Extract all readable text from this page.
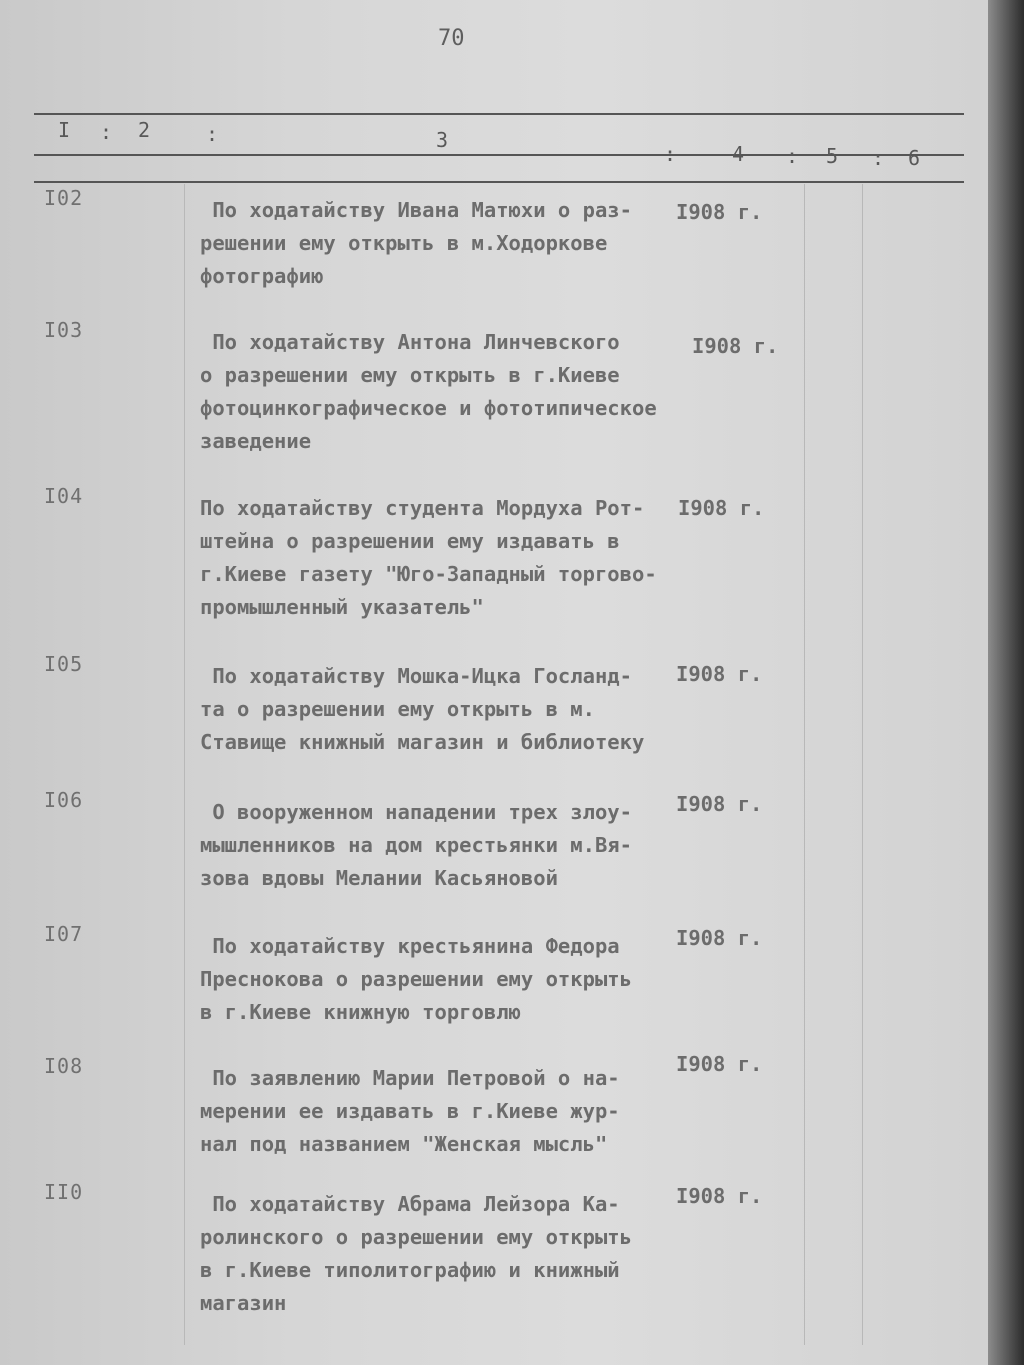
70
I : 2	:	3
:	4 : 5 : 6
I02	По ходатайству Ивана Матюхи о раз-
решении ему открыть в м.Ходоркове
фотографию
I908 г.
I03	По ходатайству Антона Линчевского
о разрешении ему открыть в г.Киеве
фотоцинкографическое и фототипическое
заведение
I908 г.
I04	По ходатайству студента Мордуха Рот-
штейна о разрешении ему издавать в
г.Киеве газету "Юго-Западный торгово-
промышленный указатель"
I908 г.
I05	По ходатайству Мошка-Ицка Госланд-
та о разрешении ему открыть в м.
Ставище книжный магазин и библиотеку
I908 г.
I06	О вооруженном нападении трех злоу-
мышленников на дом крестьянки м.Вя-
зова вдовы Мелании Касьяновой
I908 г.
I07	По ходатайству крестьянина Федора
Преснокова о разрешении ему открыть
в г.Киеве книжную торговлю
I908 г.
I08	По заявлению Марии Петровой о на-
мерении ее издавать в г.Киеве жур-
нал под названием "Женская мысль"
I908 г.
II0	По ходатайству Абрама Лейзора Ка-
ролинского о разрешении ему открыть
в г.Киеве типолитографию и книжный
магазин
I908 г.
